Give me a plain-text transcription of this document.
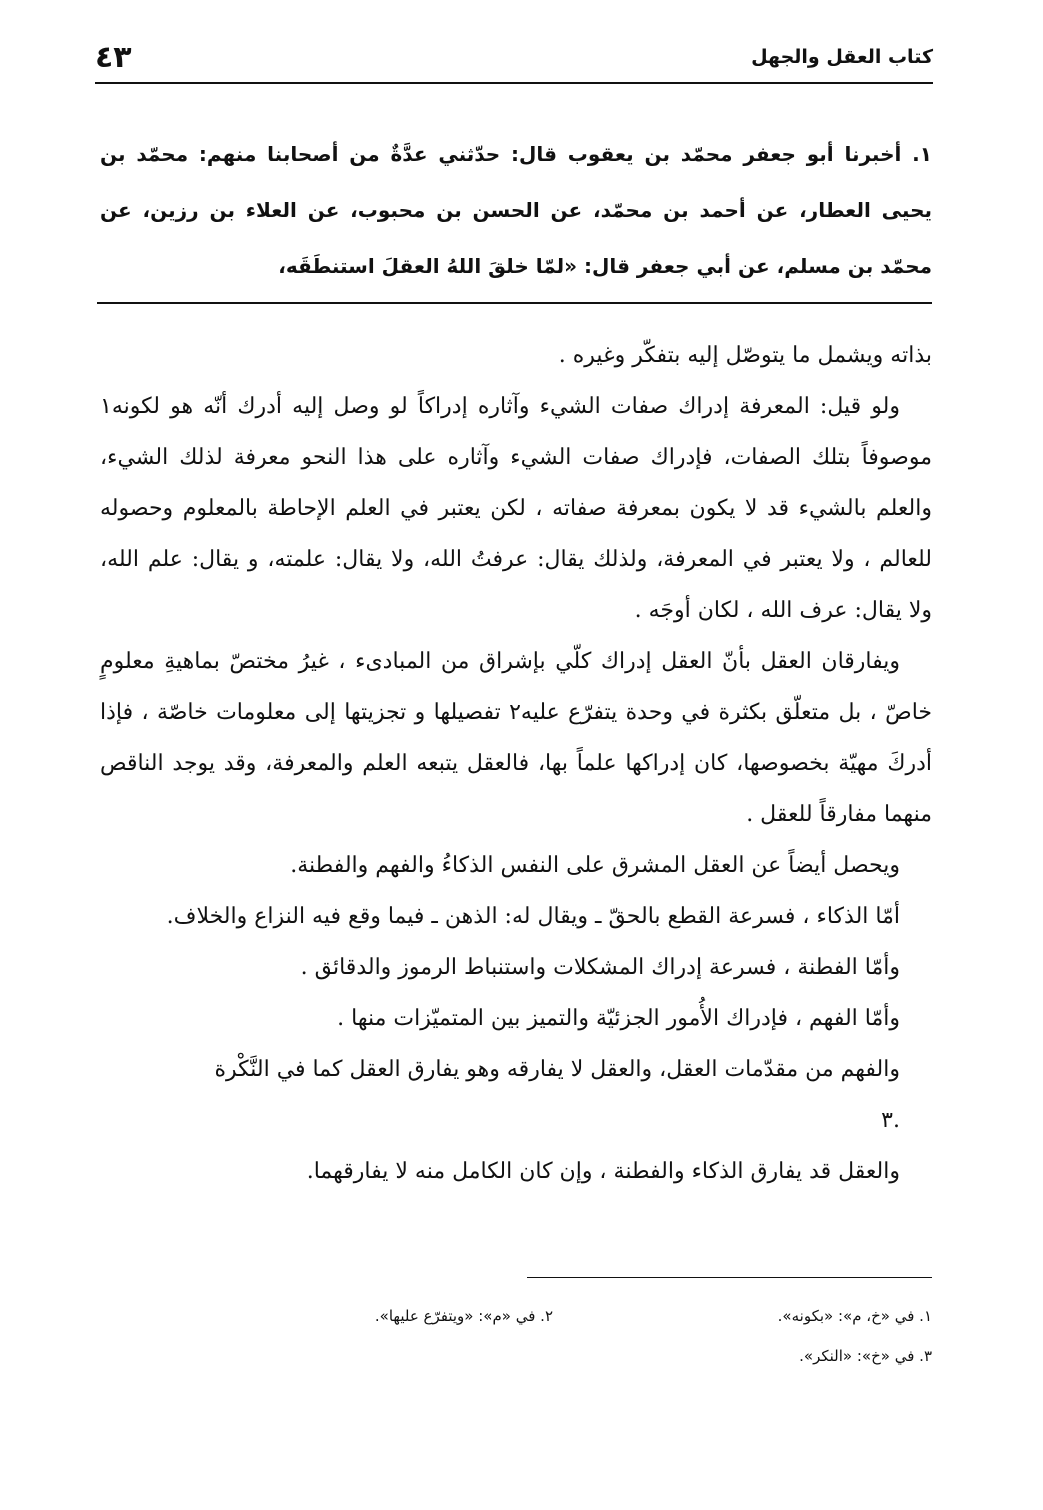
كتاب العقل والجهل
٤٣
١. أخبرنا أبو جعفر محمّد بن يعقوب قال: حدّثني عدَّةٌ من أصحابنا منهم: محمّد بن يحيى العطار، عن أحمد بن محمّد، عن الحسن بن محبوب، عن العلاء بن رزين، عن محمّد بن مسلم، عن أبي جعفر قال: «لمّا خلقَ اللهُ العقلَ استنطَقَه،

بذاته ويشمل ما يتوصّل إليه بتفكّر وغيره .

ولو قيل: المعرفة إدراك صفات الشيء وآثاره إدراكاً لو وصل إليه أدرك أنّه هو لكونه١ موصوفاً بتلك الصفات، فإدراك صفات الشيء وآثاره على هذا النحو معرفة لذلك الشيء، والعلم بالشيء قد لا يكون بمعرفة صفاته ، لكن يعتبر في العلم الإحاطة بالمعلوم وحصوله للعالم ، ولا يعتبر في المعرفة، ولذلك يقال: عرفتُ الله، ولا يقال: علمته، و يقال: علم الله، ولا يقال: عرف الله ، لكان أوجَه .

ويفارقان العقل بأنّ العقل إدراك كلّي بإشراق من المبادىء ، غيرُ مختصّ بماهيةِ معلومٍ خاصّ ، بل متعلّق بكثرة في وحدة يتفرّع عليه٢ تفصيلها و تجزيتها إلى معلومات خاصّة ، فإذا أدركَ مهيّة بخصوصها، كان إدراكها علماً بها، فالعقل يتبعه العلم والمعرفة، وقد يوجد الناقص منهما مفارقاً للعقل .

ويحصل أيضاً عن العقل المشرق على النفس الذكاءُ والفهم والفطنة.

أمّا الذكاء ، فسرعة القطع بالحقّ ـ ويقال له: الذهن ـ فيما وقع فيه النزاع والخلاف.

وأمّا الفطنة ، فسرعة إدراك المشكلات واستنباط الرموز والدقائق .

وأمّا الفهم ، فإدراك الأُمور الجزئيّة والتميز بين المتميّزات منها .

والفهم من مقدّمات العقل، والعقل لا يفارقه وهو يفارق العقل كما في النَّكْرة .٣

والعقل قد يفارق الذكاء والفطنة ، وإن كان الكامل منه لا يفارقهما.

١. في «خ، م»: «بكونه».
٢. في «م»: «ويتفرّع عليها».
٣. في «خ»: «النكر».
